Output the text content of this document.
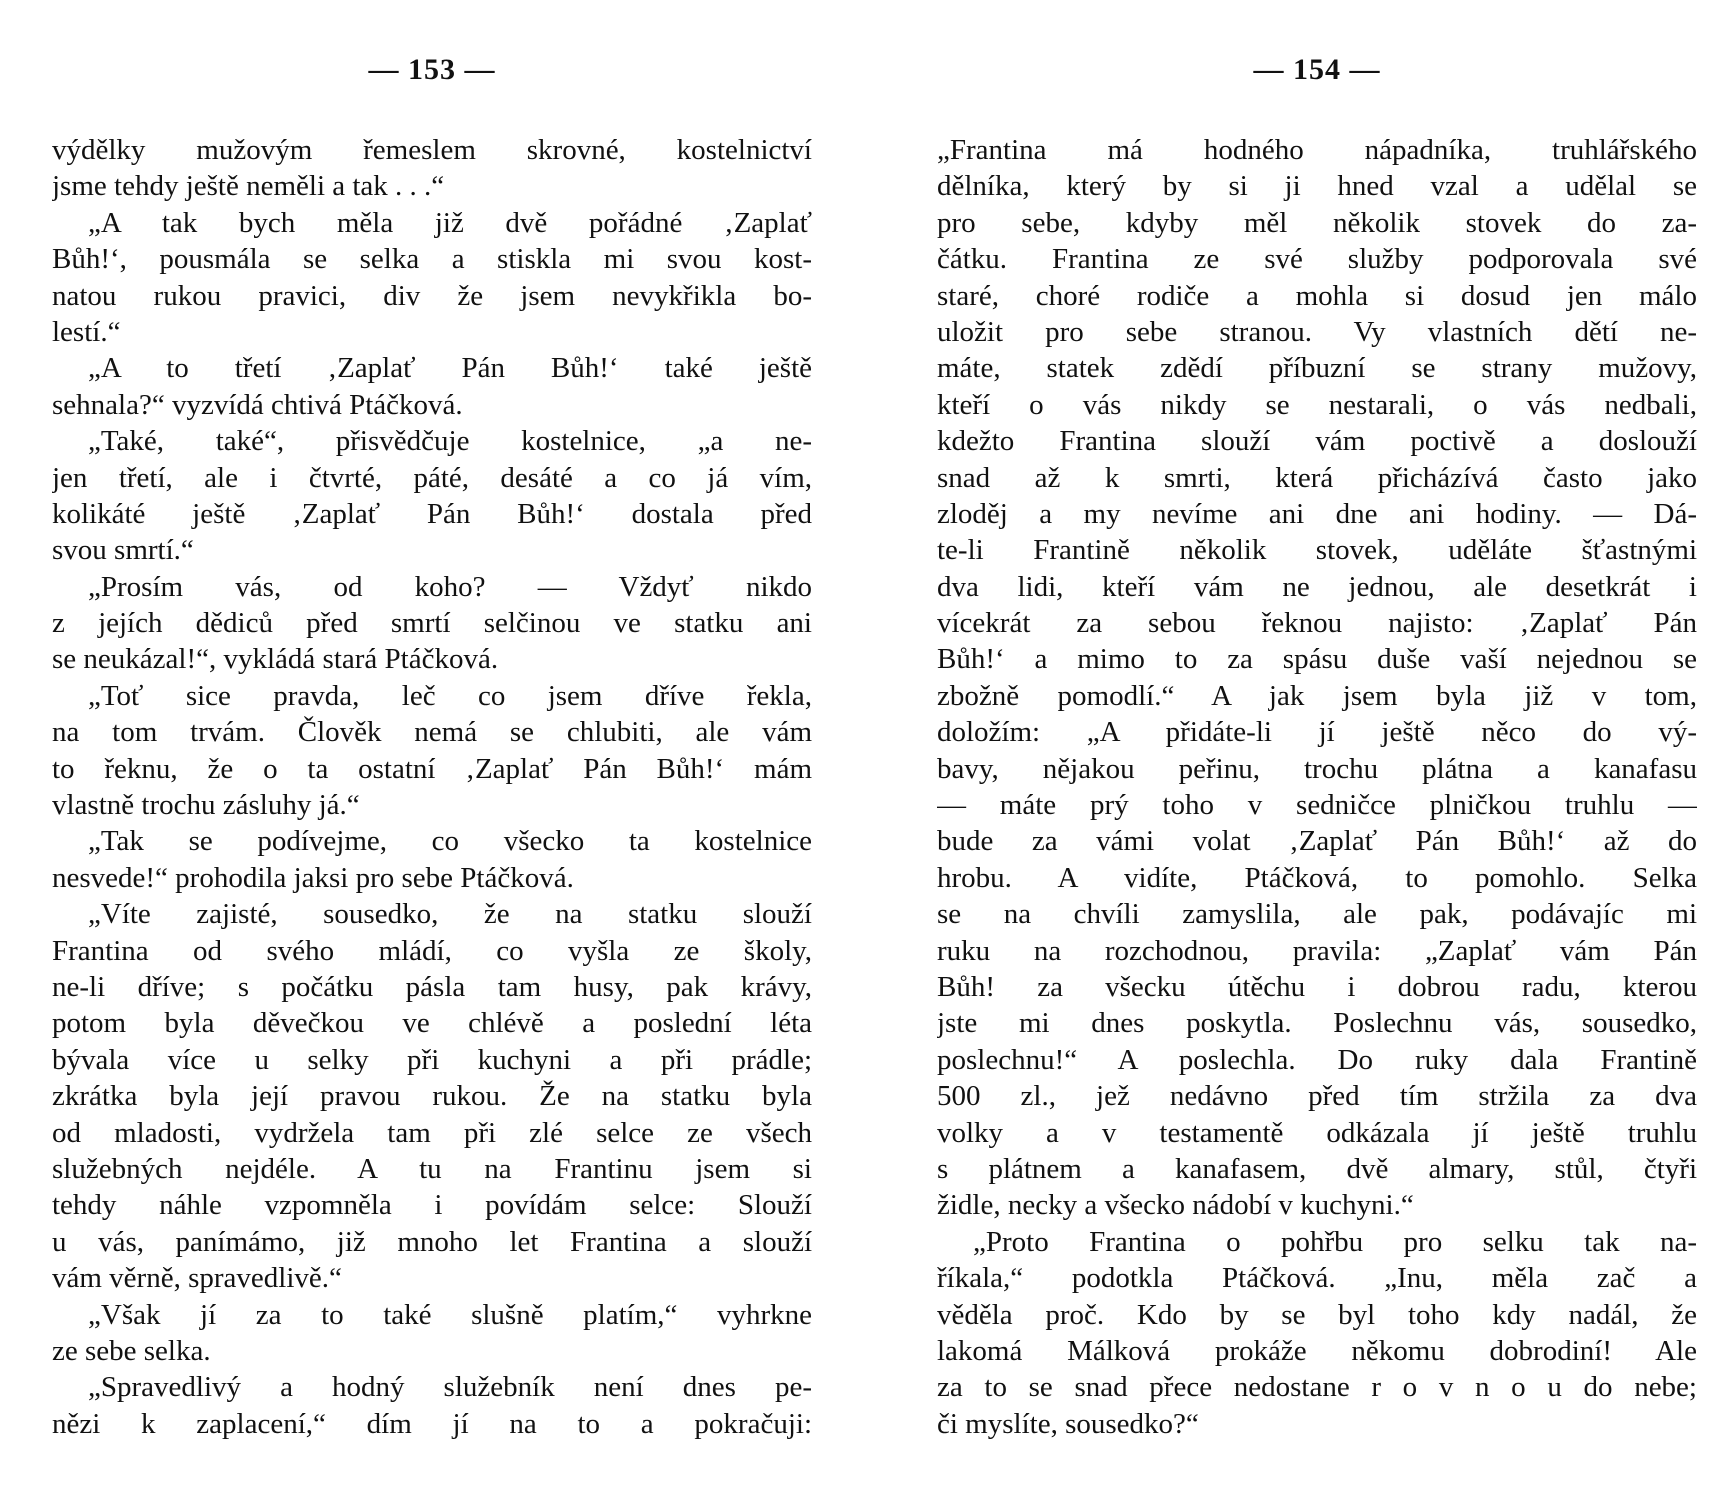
— 153 —
výdělky mužovým řemeslem skrovné, kostelnictví
jsme tehdy ještě neměli a tak . . .“
„A tak bych měla již dvě pořádné ‚Zaplať
Bůh!‘, pousmála se selka a stiskla mi svou kost-
natou rukou pravici, div že jsem nevykřikla bo-
lestí.“
„A to třetí ‚Zaplať Pán Bůh!‘ také ještě
sehnala?“ vyzvídá chtivá Ptáčková.
„Také, také“, přisvědčuje kostelnice, „a ne-
jen třetí, ale i čtvrté, páté, desáté a co já vím,
kolikáté ještě ‚Zaplať Pán Bůh!‘ dostala před
svou smrtí.“
„Prosím vás, od koho? — Vždyť nikdo
z jejích dědiců před smrtí selčinou ve statku ani
se neukázal!“, vykládá stará Ptáčková.
„Toť sice pravda, leč co jsem dříve řekla,
na tom trvám. Člověk nemá se chlubiti, ale vám
to řeknu, že o ta ostatní ‚Zaplať Pán Bůh!‘ mám
vlastně trochu zásluhy já.“
„Tak se podívejme, co všecko ta kostelnice
nesvede!“ prohodila jaksi pro sebe Ptáčková.
„Víte zajisté, sousedko, že na statku slouží
Frantina od svého mládí, co vyšla ze školy,
ne-li dříve; s počátku pásla tam husy, pak krávy,
potom byla děvečkou ve chlévě a poslední léta
bývala více u selky při kuchyni a při prádle;
zkrátka byla její pravou rukou. Že na statku byla
od mladosti, vydržela tam při zlé selce ze všech
služebných nejdéle. A tu na Frantinu jsem si
tehdy náhle vzpomněla i povídám selce: Slouží
u vás, panímámo, již mnoho let Frantina a slouží
vám věrně, spravedlivě.“
„Však jí za to také slušně platím,“ vyhrkne
ze sebe selka.
„Spravedlivý a hodný služebník není dnes pe-
nězi k zaplacení,“ dím jí na to a pokračuji:
— 154 —
„Frantina má hodného nápadníka, truhlářského
dělníka, který by si ji hned vzal a udělal se
pro sebe, kdyby měl několik stovek do za-
čátku. Frantina ze své služby podporovala své
staré, choré rodiče a mohla si dosud jen málo
uložit pro sebe stranou. Vy vlastních dětí ne-
máte, statek zdědí příbuzní se strany mužovy,
kteří o vás nikdy se nestarali, o vás nedbali,
kdežto Frantina slouží vám poctivě a doslouží
snad až k smrti, která přicházívá často jako
zloděj a my nevíme ani dne ani hodiny. — Dá-
te-li Frantině několik stovek, uděláte šťastnými
dva lidi, kteří vám ne jednou, ale desetkrát i
vícekrát za sebou řeknou najisto: ‚Zaplať Pán
Bůh!‘ a mimo to za spásu duše vaší nejednou se
zbožně pomodlí.“ A jak jsem byla již v tom,
doložím: „A přidáte-li jí ještě něco do vý-
bavy, nějakou peřinu, trochu plátna a kanafasu
— máte prý toho v sedničce plničkou truhlu —
bude za vámi volat ‚Zaplať Pán Bůh!‘ až do
hrobu. A vidíte, Ptáčková, to pomohlo. Selka
se na chvíli zamyslila, ale pak, podávajíc mi
ruku na rozchodnou, pravila: „Zaplať vám Pán
Bůh! za všecku útěchu i dobrou radu, kterou
jste mi dnes poskytla. Poslechnu vás, sousedko,
poslechnu!“ A poslechla. Do ruky dala Frantině
500 zl., jež nedávno před tím stržila za dva
volky a v testamentě odkázala jí ještě truhlu
s plátnem a kanafasem, dvě almary, stůl, čtyři
židle, necky a všecko nádobí v kuchyni.“
„Proto Frantina o pohřbu pro selku tak na-
říkala,“ podotkla Ptáčková. „Inu, měla zač a
věděla proč. Kdo by se byl toho kdy nadál, že
lakomá Málková prokáže někomu dobrodiní! Ale
za to se snad přece nedostane r o v n o u do nebe;
či myslíte, sousedko?“
